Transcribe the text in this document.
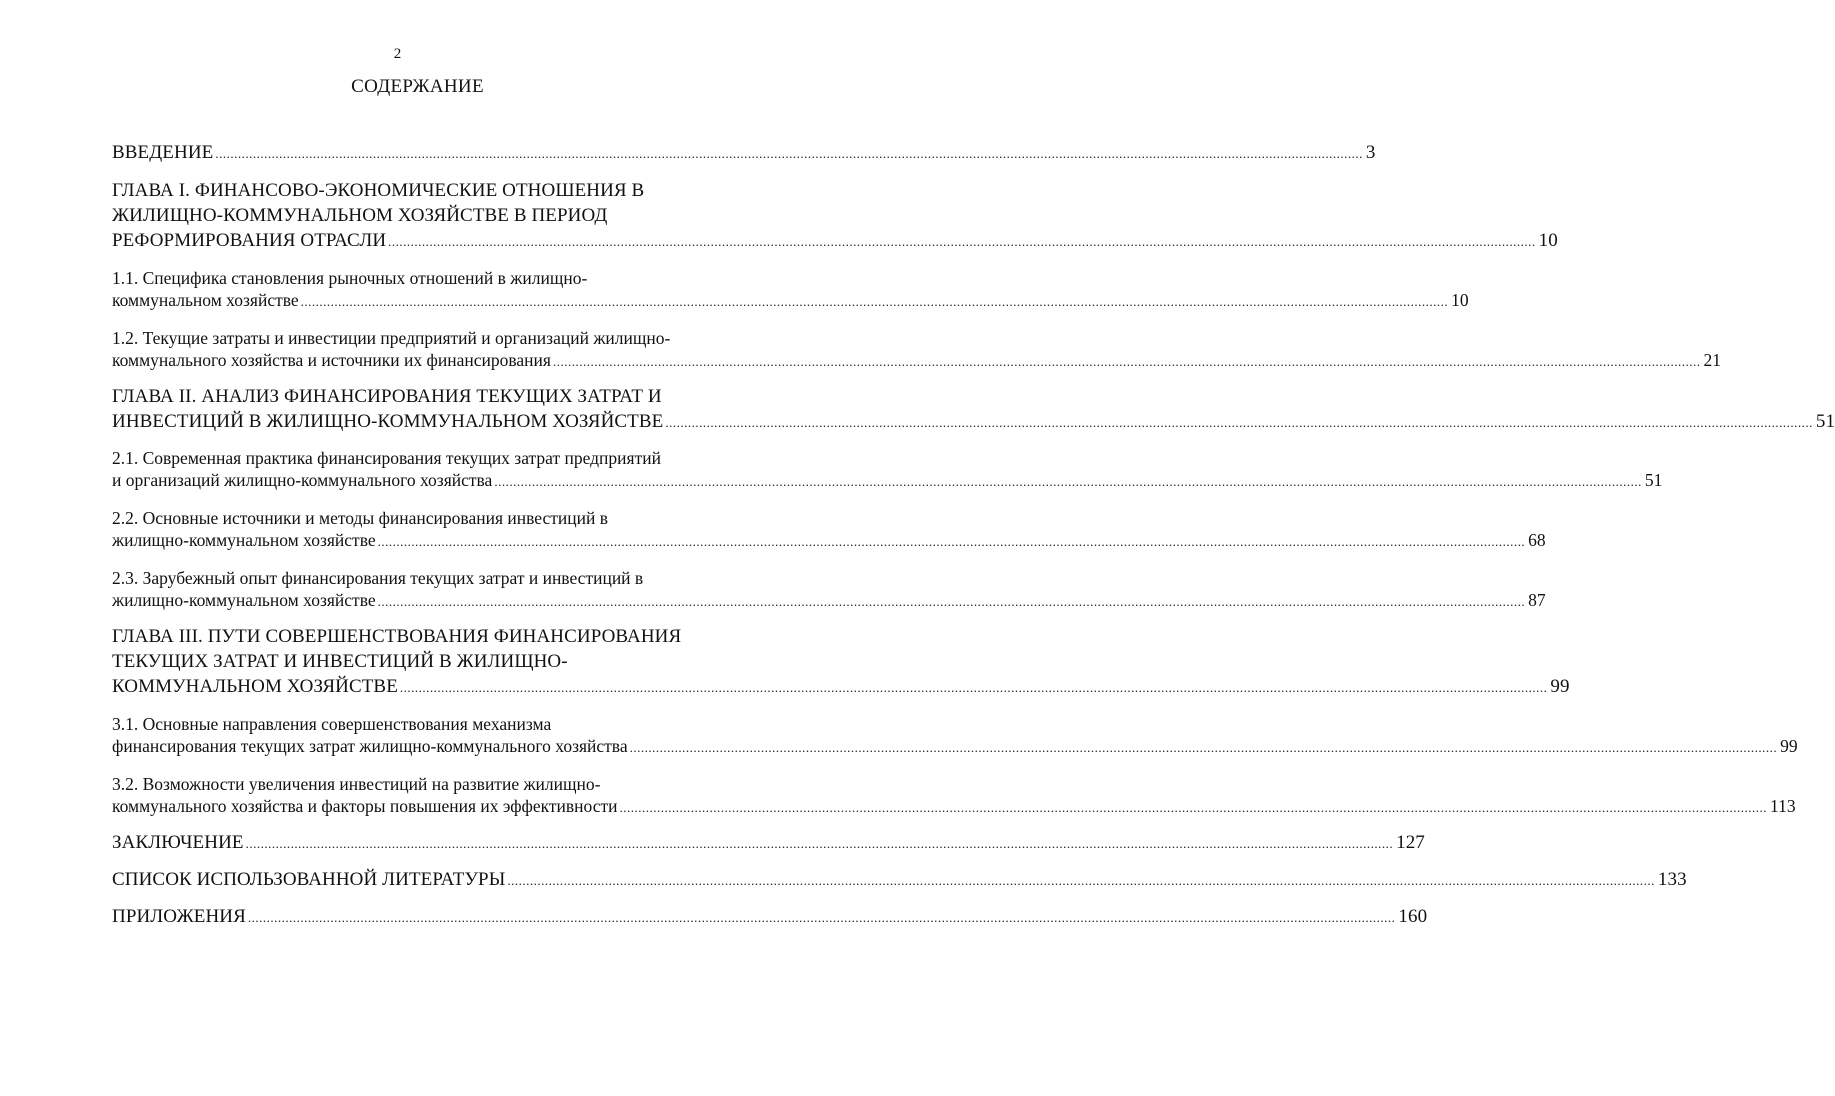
2
СОДЕРЖАНИЕ
ВВЕДЕНИЕ .................................................................................................................................................................................................................................................................................................................. 3
ГЛАВА I. ФИНАНСОВО-ЭКОНОМИЧЕСКИЕ ОТНОШЕНИЯ В
ЖИЛИЩНО-КОММУНАЛЬНОМ ХОЗЯЙСТВЕ В ПЕРИОД
РЕФОРМИРОВАНИЯ ОТРАСЛИ .................................................................................................................................................................................................................................................................................................................. 10
1.1. Специфика становления рыночных отношений в жилищно-
коммунальном хозяйстве .................................................................................................................................................................................................................................................................................................................. 10
1.2. Текущие затраты и инвестиции предприятий и организаций жилищно-
коммунального хозяйства и источники их финансирования .................................................................................................................................................................................................................................................................................................................. 21
ГЛАВА II. АНАЛИЗ ФИНАНСИРОВАНИЯ ТЕКУЩИХ ЗАТРАТ И
ИНВЕСТИЦИЙ В ЖИЛИЩНО-КОММУНАЛЬНОМ ХОЗЯЙСТВЕ .................................................................................................................................................................................................................................................................................................................. 51
2.1. Современная практика финансирования текущих затрат предприятий
и организаций жилищно-коммунального хозяйства .................................................................................................................................................................................................................................................................................................................. 51
2.2. Основные источники и методы финансирования инвестиций в
жилищно-коммунальном хозяйстве .................................................................................................................................................................................................................................................................................................................. 68
2.3. Зарубежный опыт финансирования текущих затрат и инвестиций в
жилищно-коммунальном хозяйстве .................................................................................................................................................................................................................................................................................................................. 87
ГЛАВА III. ПУТИ СОВЕРШЕНСТВОВАНИЯ ФИНАНСИРОВАНИЯ
ТЕКУЩИХ ЗАТРАТ И ИНВЕСТИЦИЙ В ЖИЛИЩНО-
КОММУНАЛЬНОМ ХОЗЯЙСТВЕ .................................................................................................................................................................................................................................................................................................................. 99
3.1. Основные направления совершенствования механизма
финансирования текущих затрат жилищно-коммунального хозяйства .................................................................................................................................................................................................................................................................................................................. 99
3.2. Возможности увеличения инвестиций на развитие жилищно-
коммунального хозяйства и факторы повышения их эффективности .................................................................................................................................................................................................................................................................................................................. 113
ЗАКЛЮЧЕНИЕ .................................................................................................................................................................................................................................................................................................................. 127
СПИСОК ИСПОЛЬЗОВАННОЙ ЛИТЕРАТУРЫ .................................................................................................................................................................................................................................................................................................................. 133
ПРИЛОЖЕНИЯ .................................................................................................................................................................................................................................................................................................................. 160
